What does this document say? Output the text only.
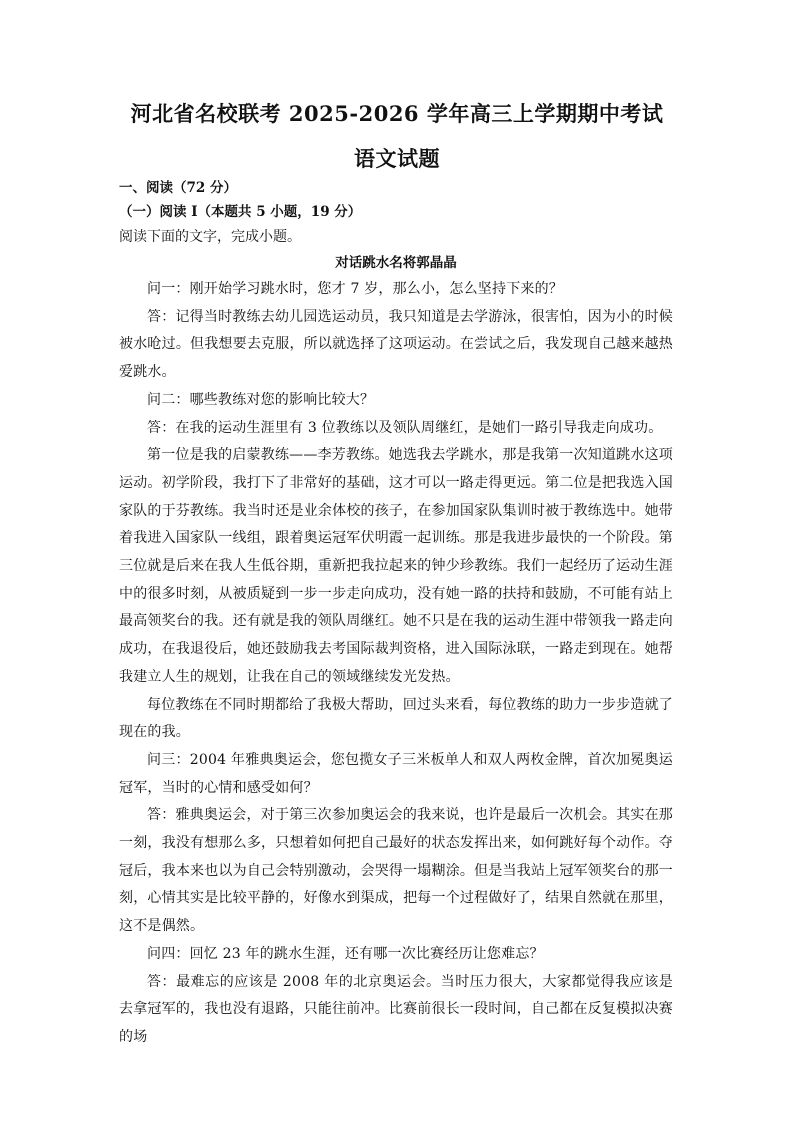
河北省名校联考 2025-2026 学年高三上学期期中考试
语文试题

一、阅读（72 分）

（一）阅读 I（本题共 5 小题，19 分）

阅读下面的文字，完成小题。

对话跳水名将郭晶晶

问一：刚开始学习跳水时，您才 7 岁，那么小，怎么坚持下来的？

答：记得当时教练去幼儿园选运动员，我只知道是去学游泳，很害怕，因为小的时候被水呛过。但我想要去克服，所以就选择了这项运动。在尝试之后，我发现自己越来越热爱跳水。

问二：哪些教练对您的影响比较大？

答：在我的运动生涯里有 3 位教练以及领队周继红，是她们一路引导我走向成功。

第一位是我的启蒙教练——李芳教练。她选我去学跳水，那是我第一次知道跳水这项运动。初学阶段，我打下了非常好的基础，这才可以一路走得更远。第二位是把我选入国家队的于芬教练。我当时还是业余体校的孩子，在参加国家队集训时被于教练选中。她带着我进入国家队一线组，跟着奥运冠军伏明霞一起训练。那是我进步最快的一个阶段。第三位就是后来在我人生低谷期，重新把我拉起来的钟少珍教练。我们一起经历了运动生涯中的很多时刻，从被质疑到一步一步走向成功，没有她一路的扶持和鼓励，不可能有站上最高领奖台的我。还有就是我的领队周继红。她不只是在我的运动生涯中带领我一路走向成功，在我退役后，她还鼓励我去考国际裁判资格，进入国际泳联，一路走到现在。她帮我建立人生的规划，让我在自己的领域继续发光发热。

每位教练在不同时期都给了我极大帮助，回过头来看，每位教练的助力一步步造就了现在的我。

问三：2004 年雅典奥运会，您包揽女子三米板单人和双人两枚金牌，首次加冕奥运冠军，当时的心情和感受如何？

答：雅典奥运会，对于第三次参加奥运会的我来说，也许是最后一次机会。其实在那一刻，我没有想那么多，只想着如何把自己最好的状态发挥出来，如何跳好每个动作。夺冠后，我本来也以为自己会特别激动，会哭得一塌糊涂。但是当我站上冠军领奖台的那一刻，心情其实是比较平静的，好像水到渠成，把每一个过程做好了，结果自然就在那里，这不是偶然。

问四：回忆 23 年的跳水生涯，还有哪一次比赛经历让您难忘？

答：最难忘的应该是 2008 年的北京奥运会。当时压力很大，大家都觉得我应该是去拿冠军的，我也没有退路，只能往前冲。比赛前很长一段时间，自己都在反复模拟决赛的场
